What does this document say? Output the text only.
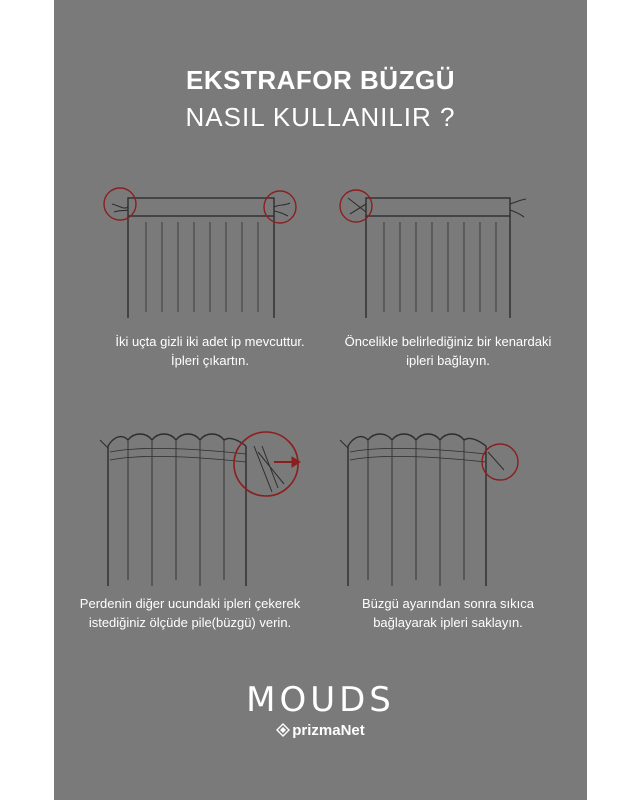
EKSTRAFOR BÜZGÜ
NASIL KULLANILIR ?
İki uçta gizli iki adet ip mevcuttur.
İpleri çıkartın.
Öncelikle belirlediğiniz bir kenardaki
ipleri bağlayın.
Perdenin diğer ucundaki ipleri çekerek
istediğiniz ölçüde pile(büzgü) verin.
Büzgü ayarından sonra sıkıca
bağlayarak ipleri saklayın.
MOUDS
prizmaNet
